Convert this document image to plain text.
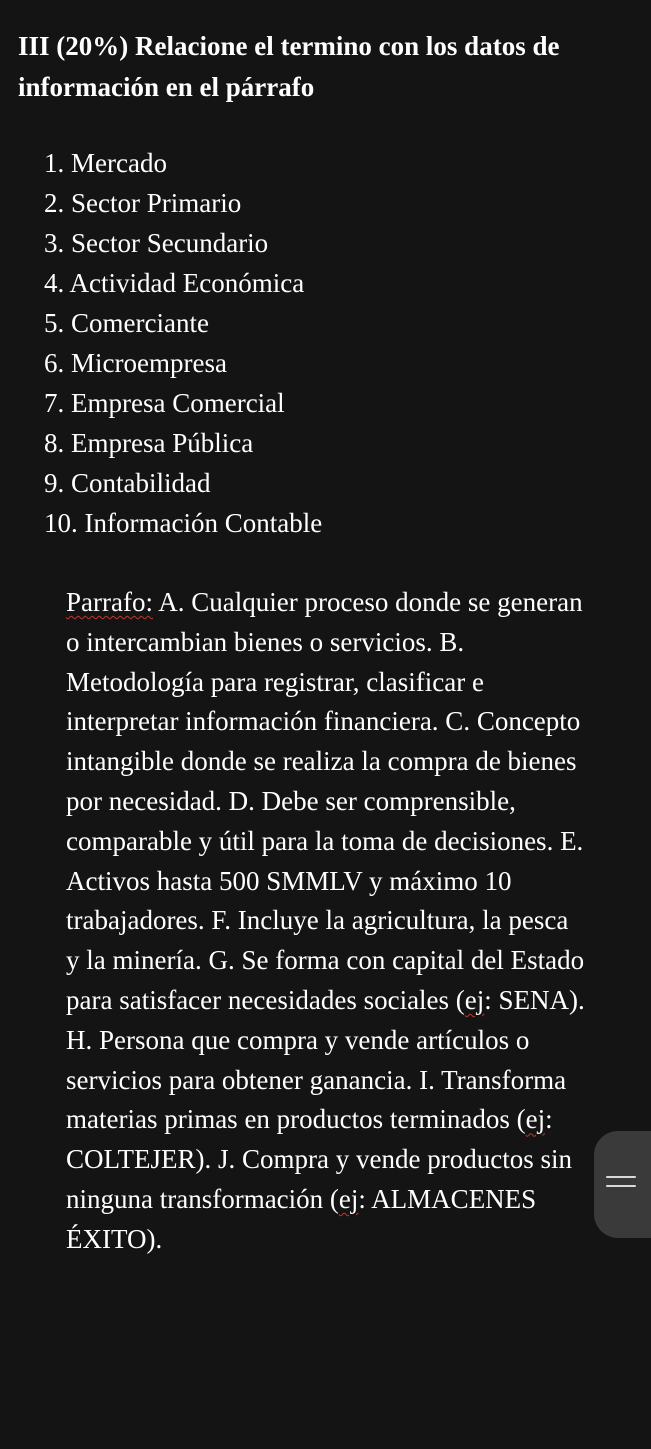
III (20%) Relacione el termino con los datos de información en el párrafo
1. Mercado
2. Sector Primario
3. Sector Secundario
4. Actividad Económica
5. Comerciante
6. Microempresa
7. Empresa Comercial
8. Empresa Pública
9. Contabilidad
10. Información Contable

Parrafo: A. Cualquier proceso donde se generan o intercambian bienes o servicios. B. Metodología para registrar, clasificar e interpretar información financiera. C. Concepto intangible donde se realiza la compra de bienes por necesidad. D. Debe ser comprensible, comparable y útil para la toma de decisiones. E. Activos hasta 500 SMMLV y máximo 10 trabajadores. F. Incluye la agricultura, la pesca y la minería. G. Se forma con capital del Estado para satisfacer necesidades sociales (ej: SENA). H. Persona que compra y vende artículos o servicios para obtener ganancia. I. Transforma materias primas en productos terminados (ej: COLTEJER). J. Compra y vende productos sin ninguna transformación (ej: ALMACENES ÉXITO).
